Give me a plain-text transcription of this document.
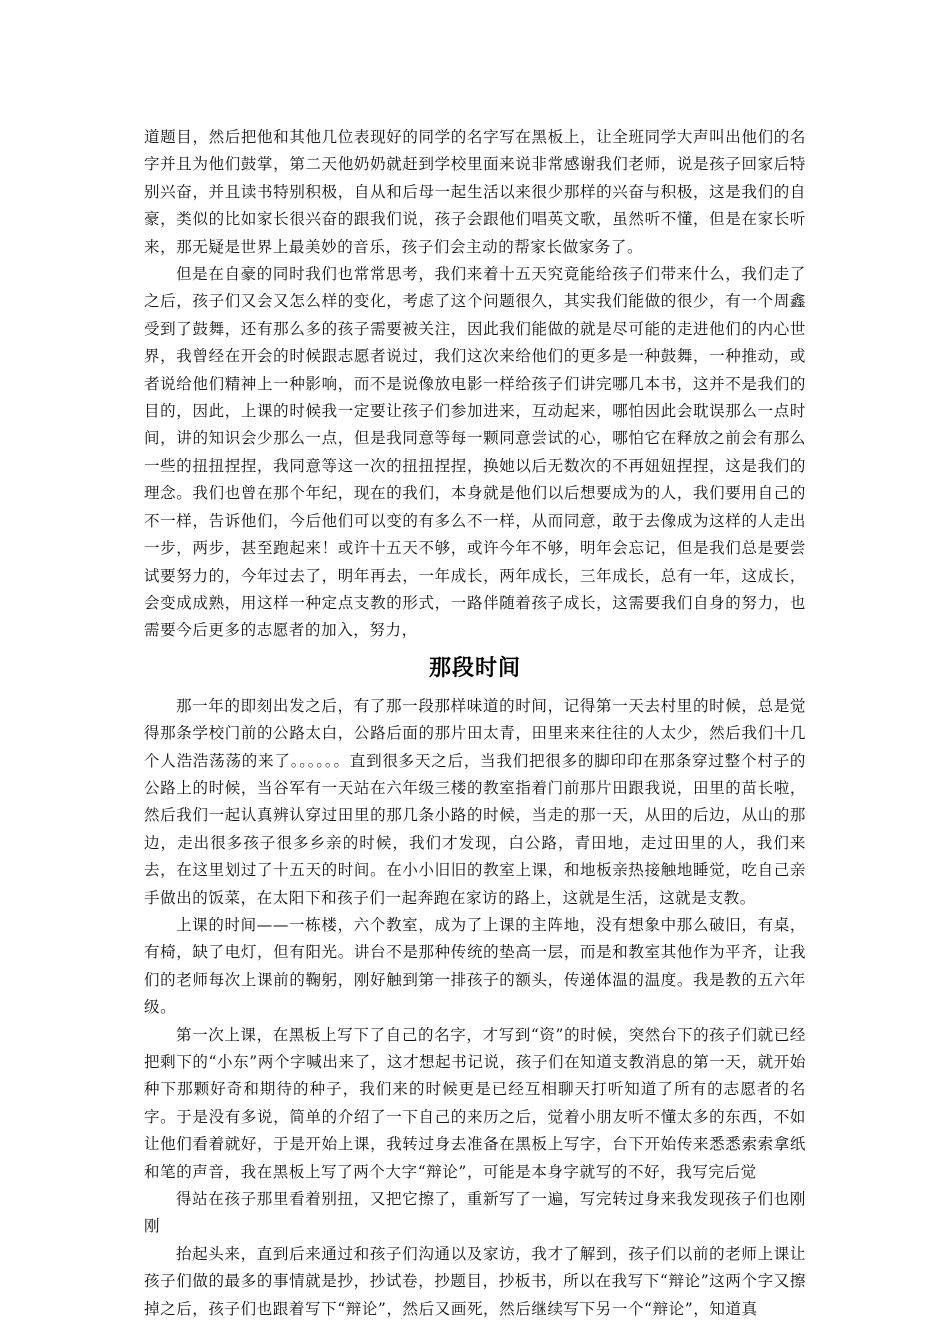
道题目，然后把他和其他几位表现好的同学的名字写在黑板上，让全班同学大声叫出他们的名字并且为他们鼓掌，第二天他奶奶就赶到学校里面来说非常感谢我们老师，说是孩子回家后特别兴奋，并且读书特别积极，自从和后母一起生活以来很少那样的兴奋与积极，这是我们的自豪，类似的比如家长很兴奋的跟我们说，孩子会跟他们唱英文歌，虽然听不懂，但是在家长听来，那无疑是世界上最美妙的音乐，孩子们会主动的帮家长做家务了。

但是在自豪的同时我们也常常思考，我们来着十五天究竟能给孩子们带来什么，我们走了之后，孩子们又会又怎么样的变化，考虑了这个问题很久，其实我们能做的很少，有一个周鑫受到了鼓舞，还有那么多的孩子需要被关注，因此我们能做的就是尽可能的走进他们的内心世界，我曾经在开会的时候跟志愿者说过，我们这次来给他们的更多是一种鼓舞，一种推动，或者说给他们精神上一种影响，而不是说像放电影一样给孩子们讲完哪几本书，这并不是我们的目的，因此，上课的时候我一定要让孩子们参加进来，互动起来，哪怕因此会耽误那么一点时间，讲的知识会少那么一点，但是我同意等每一颗同意尝试的心，哪怕它在释放之前会有那么一些的扭扭捏捏，我同意等这一次的扭扭捏捏，换她以后无数次的不再妞妞捏捏，这是我们的理念。我们也曾在那个年纪，现在的我们，本身就是他们以后想要成为的人，我们要用自己的不一样，告诉他们，今后他们可以变的有多么不一样，从而同意，敢于去像成为这样的人走出一步，两步，甚至跑起来！或许十五天不够，或许今年不够，明年会忘记，但是我们总是要尝试要努力的，今年过去了，明年再去，一年成长，两年成长，三年成长，总有一年，这成长，会变成成熟，用这样一种定点支教的形式，一路伴随着孩子成长，这需要我们自身的努力，也需要今后更多的志愿者的加入，努力，

那段时间

那一年的即刻出发之后，有了那一段那样味道的时间，记得第一天去村里的时候，总是觉得那条学校门前的公路太白，公路后面的那片田太青，田里来来往往的人太少，然后我们十几个人浩浩荡荡的来了。。。。。。直到很多天之后，当我们把很多的脚印印在那条穿过整个村子的公路上的时候，当谷军有一天站在六年级三楼的教室指着门前那片田跟我说，田里的苗长啦，然后我们一起认真辨认穿过田里的那几条小路的时候，当走的那一天，从田的后边，从山的那边，走出很多孩子很多乡亲的时候，我们才发现，白公路，青田地，走过田里的人，我们来去，在这里划过了十五天的时间。在小小旧旧的教室上课，和地板亲热接触地睡觉，吃自己亲手做出的饭菜，在太阳下和孩子们一起奔跑在家访的路上，这就是生活，这就是支教。

上课的时间——一栋楼，六个教室，成为了上课的主阵地，没有想象中那么破旧，有桌，有椅，缺了电灯，但有阳光。讲台不是那种传统的垫高一层，而是和教室其他作为平齐，让我们的老师每次上课前的鞠躬，刚好触到第一排孩子的额头，传递体温的温度。我是教的五六年级。

第一次上课，在黑板上写下了自己的名字，才写到“资”的时候，突然台下的孩子们就已经把剩下的“小东”两个字喊出来了，这才想起书记说，孩子们在知道支教消息的第一天，就开始种下那颗好奇和期待的种子，我们来的时候更是已经互相聊天打听知道了所有的志愿者的名字。于是没有多说，简单的介绍了一下自己的来历之后，觉着小朋友听不懂太多的东西，不如让他们看着就好，于是开始上课，我转过身去准备在黑板上写字，台下开始传来悉悉索索拿纸和笔的声音，我在黑板上写了两个大字“辩论”，可能是本身字就写的不好，我写完后觉

得站在孩子那里看着别扭，又把它擦了，重新写了一遍，写完转过身来我发现孩子们也刚刚

抬起头来，直到后来通过和孩子们沟通以及家访，我才了解到，孩子们以前的老师上课让孩子们做的最多的事情就是抄，抄试卷，抄题目，抄板书，所以在我写下“辩论”这两个字又擦掉之后，孩子们也跟着写下“辩论”，然后又画死，然后继续写下另一个“辩论”，知道真
